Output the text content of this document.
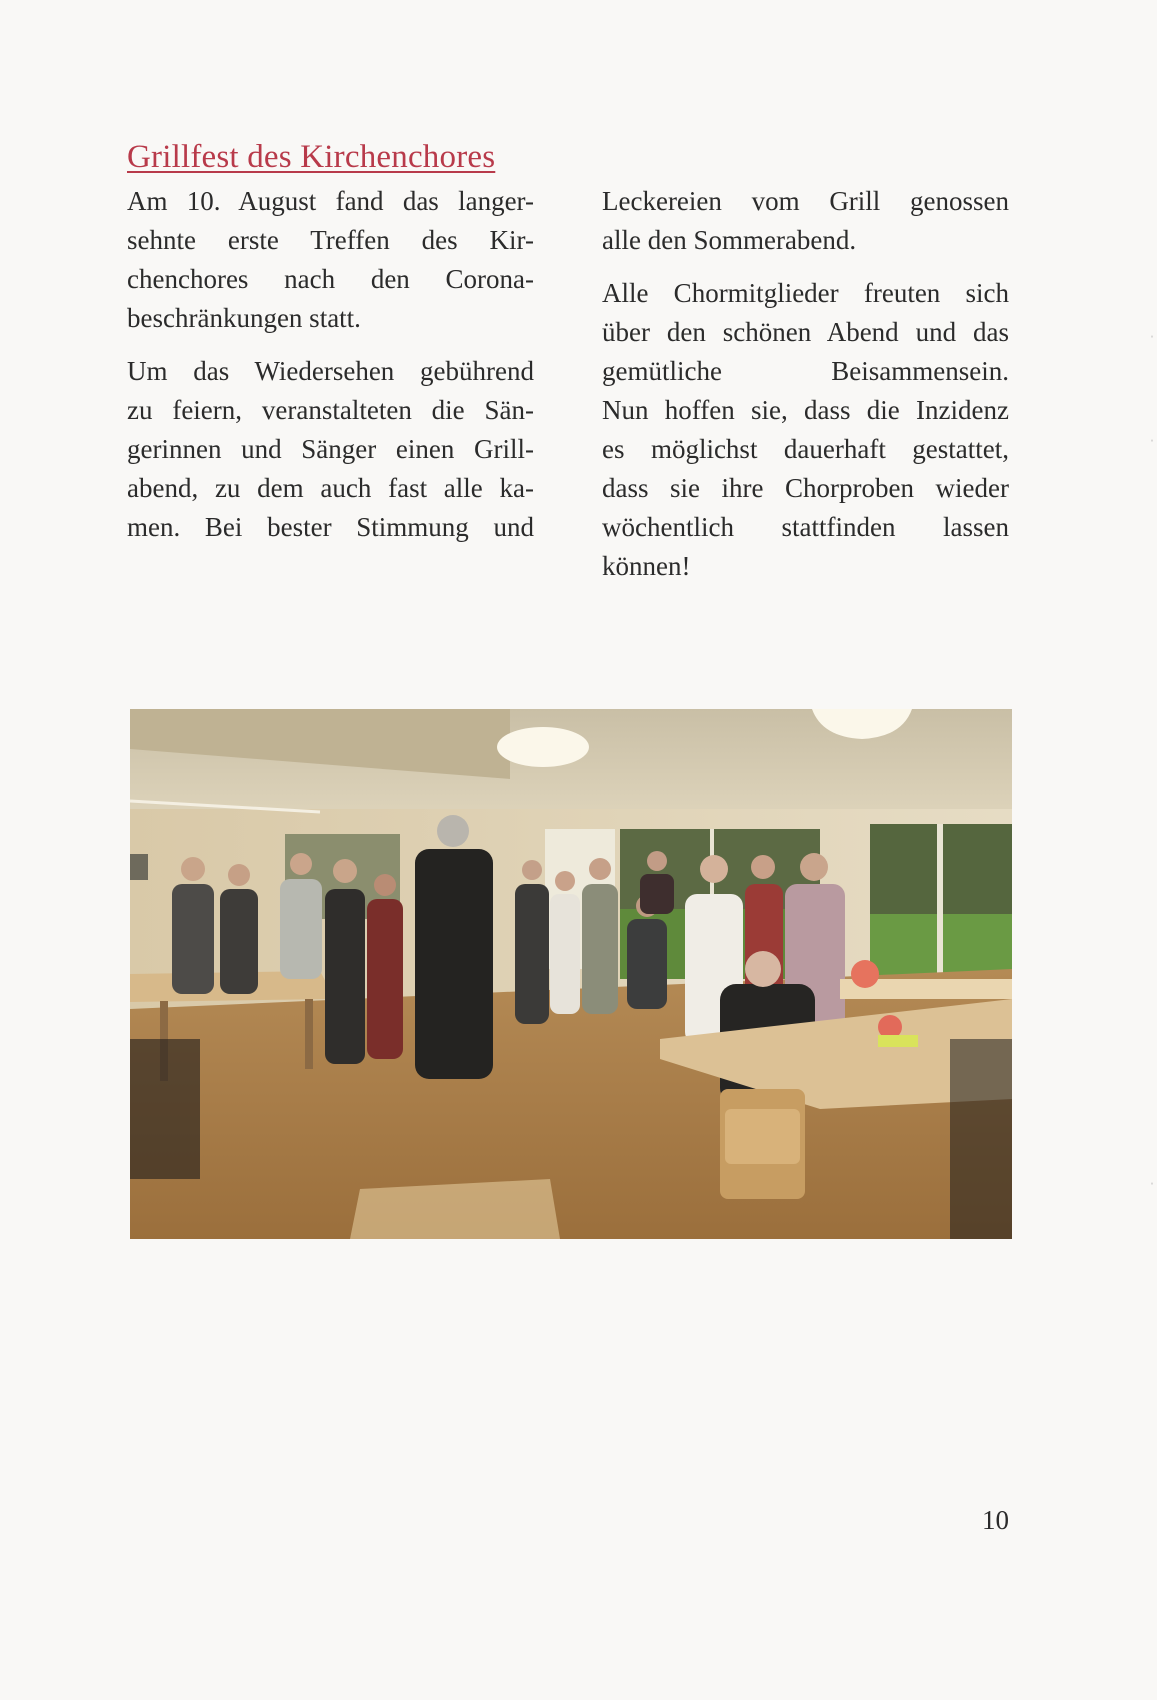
ˈ
ˈ
ˈ
Grillfest des Kirchenchores

Am 10. August fand das langer-
sehnte erste Treffen des Kir-
chenchores nach den Corona-
beschränkungen statt.

Um das Wiedersehen gebührend
zu feiern, veranstalteten die Sän-
gerinnen und Sänger einen Grill-
abend, zu dem auch fast alle ka-
men. Bei bester Stimmung und

Leckereien vom Grill genossen
alle den Sommerabend.

Alle Chormitglieder freuten sich
über den schönen Abend und das
gemütliche Beisammensein.
Nun hoffen sie, dass die Inzidenz
es möglichst dauerhaft gestattet,
dass sie ihre Chorproben wieder
wöchentlich stattfinden lassen
können!

10
